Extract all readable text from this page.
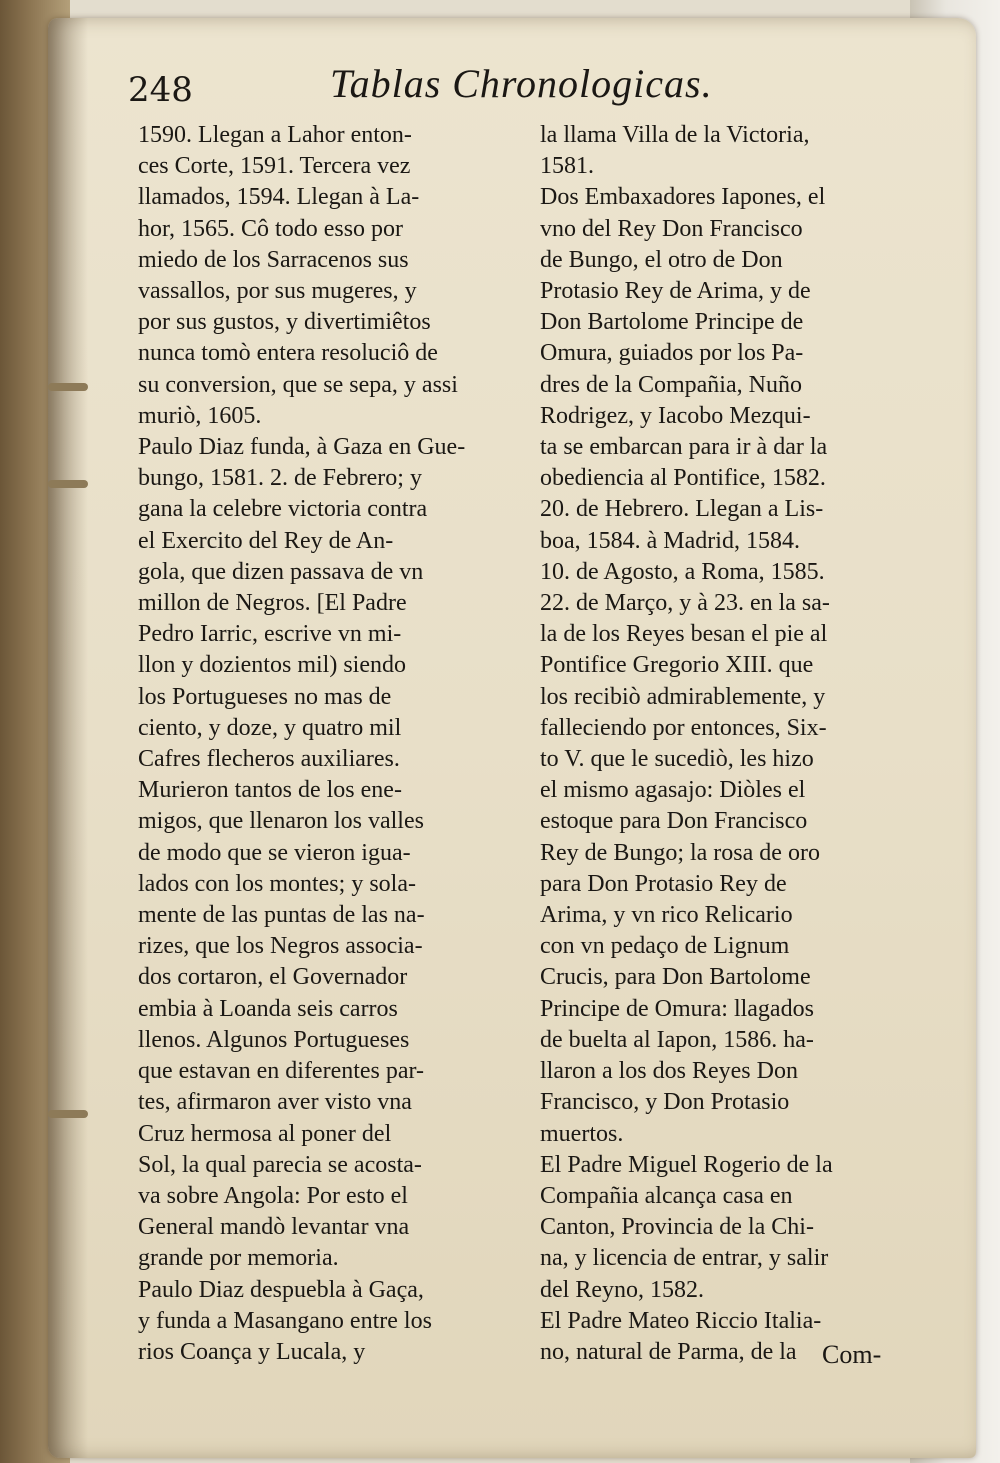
248	Tablas Chronologicas.
1590. Llegan a Lahor enton-
ces Corte, 1591. Tercera vez
llamados, 1594. Llegan à La-
hor, 1565. Cô todo esso por
miedo de los Sarracenos sus
vassallos, por sus mugeres, y
por sus gustos, y divertimiêtos
nunca tomò entera resoluciô de
su conversion, que se sepa, y assi
muriò, 1605.
Paulo Diaz funda, à Gaza en Gue-
bungo, 1581. 2. de Febrero; y
gana la celebre victoria contra
el Exercito del Rey de An-
gola, que dizen passava de vn
millon de Negros. [El Padre
Pedro Iarric, escrive vn mi-
llon y dozientos mil) siendo
los Portugueses no mas de
ciento, y doze, y quatro mil
Cafres flecheros auxiliares.
Murieron tantos de los ene-
migos, que llenaron los valles
de modo que se vieron igua-
lados con los montes; y sola-
mente de las puntas de las na-
rizes, que los Negros associa-
dos cortaron, el Governador
embia à Loanda seis carros
llenos. Algunos Portugueses
que estavan en diferentes par-
tes, afirmaron aver visto vna
Cruz hermosa al poner del
Sol, la qual parecia se acosta-
va sobre Angola: Por esto el
General mandò levantar vna
grande por memoria.
Paulo Diaz despuebla à Gaça,
y funda a Masangano entre los
rios Coança y Lucala, y
la llama Villa de la Victoria,
1581.
Dos Embaxadores Iapones, el
vno del Rey Don Francisco
de Bungo, el otro de Don
Protasio Rey de Arima, y de
Don Bartolome Principe de
Omura, guiados por los Pa-
dres de la Compañia, Nuño
Rodrigez, y Iacobo Mezqui-
ta se embarcan para ir à dar la
obediencia al Pontifice, 1582.
20. de Hebrero. Llegan a Lis-
boa, 1584. à Madrid, 1584.
10. de Agosto, a Roma, 1585.
22. de Março, y à 23. en la sa-
la de los Reyes besan el pie al
Pontifice Gregorio XIII. que
los recibiò admirablemente, y
falleciendo por entonces, Six-
to V. que le sucediò, les hizo
el mismo agasajo: Diòles el
estoque para Don Francisco
Rey de Bungo; la rosa de oro
para Don Protasio Rey de
Arima, y vn rico Relicario
con vn pedaço de Lignum
Crucis, para Don Bartolome
Principe de Omura: llagados
de buelta al Iapon, 1586. ha-
llaron a los dos Reyes Don
Francisco, y Don Protasio
muertos.
El Padre Miguel Rogerio de la
Compañia alcança casa en
Canton, Provincia de la Chi-
na, y licencia de entrar, y salir
del Reyno, 1582.
El Padre Mateo Riccio Italia-
no, natural de Parma, de la Com-
